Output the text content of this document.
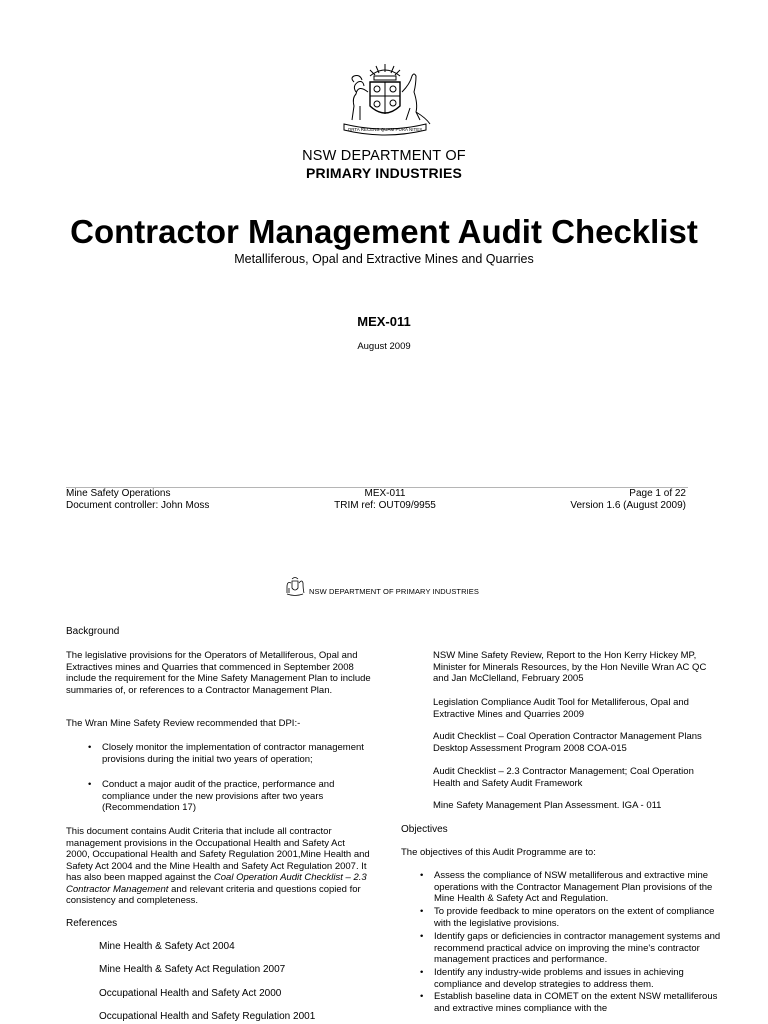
ORTA RECENS QUAM PURA NITES
NSW DEPARTMENT OF
PRIMARY INDUSTRIES
Contractor Management Audit Checklist
Metalliferous, Opal and Extractive Mines and Quarries
MEX-011
August 2009
Mine Safety Operations
Document controller: John Moss
MEX-011
TRIM ref: OUT09/9955
Page 1 of 22
Version 1.6 (August 2009)
NSW DEPARTMENT OF PRIMARY INDUSTRIES
Background
The legislative provisions for the Operators of Metalliferous, Opal and Extractives mines and Quarries that commenced in September 2008 include the requirement for the Mine Safety Management Plan to include summaries of, or references to a Contractor Management Plan.
The Wran Mine Safety Review recommended that DPI:-
• Closely monitor the implementation of contractor management provisions during the initial two years of operation;
• Conduct a major audit of the practice, performance and compliance under the new provisions after two years (Recommendation 17)
This document contains Audit Criteria that include all contractor management provisions in the Occupational Health and Safety Act 2000, Occupational Health and Safety Regulation 2001,Mine Health and Safety Act 2004 and the Mine Health and Safety Act Regulation 2007. It has also been mapped against the Coal Operation Audit Checklist – 2.3 Contractor Management and relevant criteria and questions copied for consistency and completeness.
References
Mine Health & Safety Act 2004
Mine Health & Safety Act Regulation 2007
Occupational Health and Safety Act 2000
Occupational Health and Safety Regulation 2001
NSW Mine Safety Review, Report to the Hon Kerry Hickey MP, Minister for Minerals Resources, by the Hon Neville Wran AC QC and Jan McClelland, February 2005
Legislation Compliance Audit Tool for Metalliferous, Opal and Extractive Mines and Quarries 2009
Audit Checklist – Coal Operation Contractor Management Plans Desktop Assessment Program 2008 COA-015
Audit Checklist – 2.3 Contractor Management; Coal Operation Health and Safety Audit Framework
Mine Safety Management Plan Assessment. IGA - 011
Objectives
The objectives of this Audit Programme are to:
• Assess the compliance of NSW metalliferous and extractive mine operations with the Contractor Management Plan provisions of the Mine Health & Safety Act and Regulation.
• To provide feedback to mine operators on the extent of compliance with the legislative provisions.
• Identify gaps or deficiencies in contractor management systems and recommend practical advice on improving the mine's contractor management practices and performance.
• Identify any industry-wide problems and issues in achieving compliance and develop strategies to address them.
• Establish baseline data in COMET on the extent NSW metalliferous and extractive mines compliance with the
